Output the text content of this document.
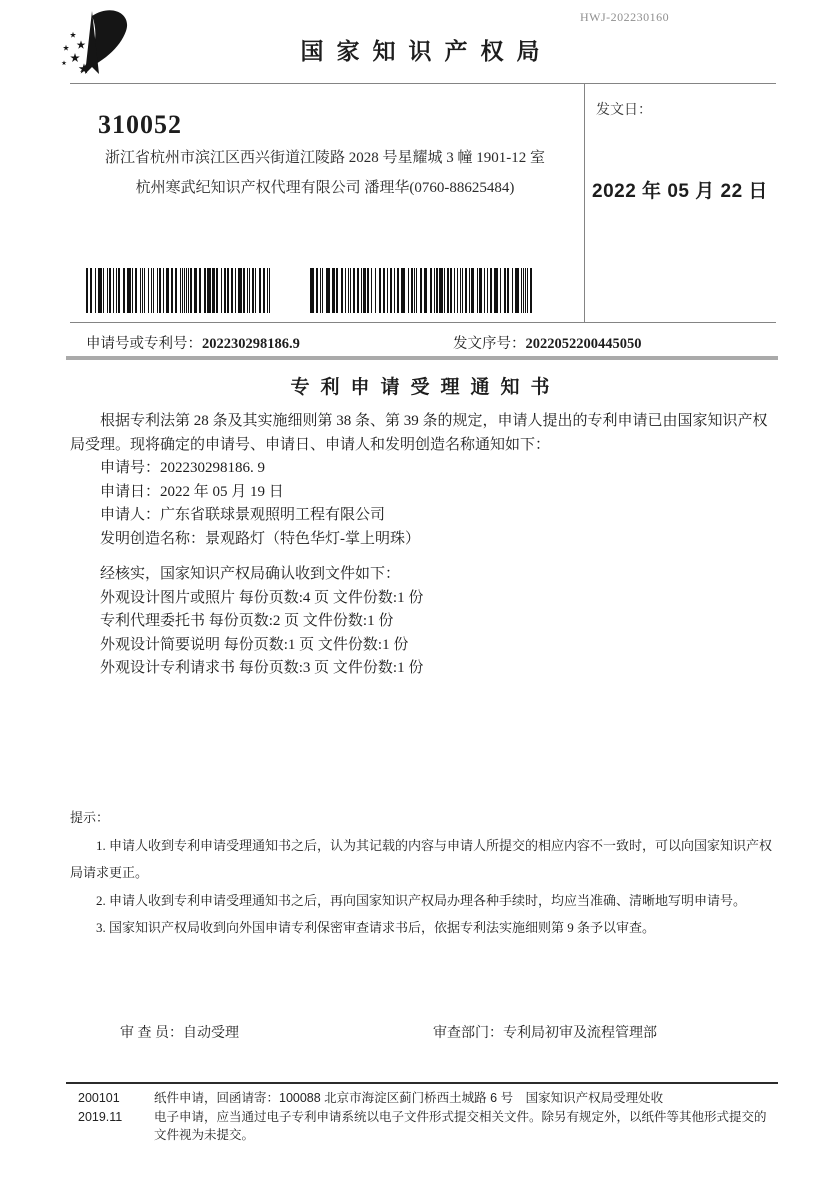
HWJ-202230160
国家知识产权局
310052
浙江省杭州市滨江区西兴街道江陵路 2028 号星耀城 3 幢 1901-12 室
杭州寒武纪知识产权代理有限公司 潘理华(0760-88625484)
发文日：
2022 年 05 月 22 日
申请号或专利号：202230298186.9	发文序号：2022052200445050
专利申请受理通知书

根据专利法第 28 条及其实施细则第 38 条、第 39 条的规定，申请人提出的专利申请已由国家知识产权局受理。现将确定的申请号、申请日、申请人和发明创造名称通知如下：

申请号：202230298186. 9
申请日：2022 年 05 月 19 日
申请人：广东省联球景观照明工程有限公司
发明创造名称：景观路灯（特色华灯-掌上明珠）

经核实，国家知识产权局确认收到文件如下：

外观设计图片或照片 每份页数:4 页 文件份数:1 份
专利代理委托书 每份页数:2 页 文件份数:1 份
外观设计简要说明 每份页数:1 页 文件份数:1 份
外观设计专利请求书 每份页数:3 页 文件份数:1 份
提示：

1. 申请人收到专利申请受理通知书之后，认为其记载的内容与申请人所提交的相应内容不一致时，可以向国家知识产权局请求更正。

2. 申请人收到专利申请受理通知书之后，再向国家知识产权局办理各种手续时，均应当准确、清晰地写明申请号。

3. 国家知识产权局收到向外国申请专利保密审查请求书后，依据专利法实施细则第 9 条予以审查。

审 查 员：自动受理	审查部门：专利局初审及流程管理部
200101	纸件申请，回函请寄：100088 北京市海淀区蓟门桥西土城路 6 号　国家知识产权局受理处收
2019.11	电子申请，应当通过电子专利申请系统以电子文件形式提交相关文件。除另有规定外，以纸件等其他形式提交的文件视为未提交。
